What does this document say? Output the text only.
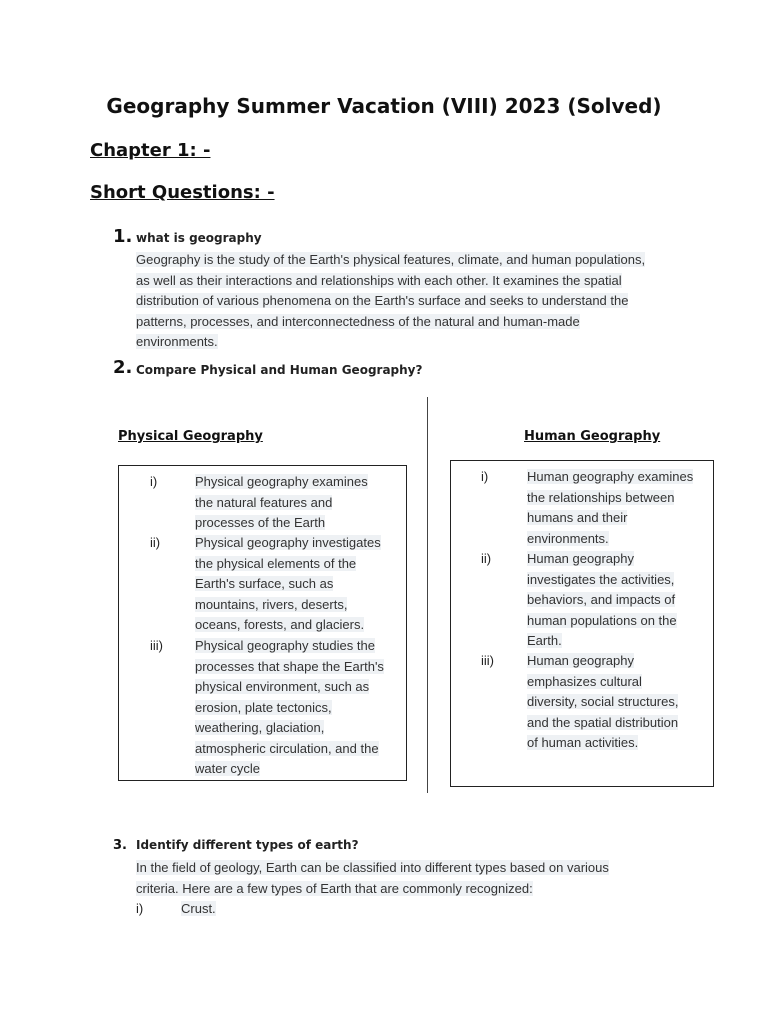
Geography Summer Vacation (VIII) 2023 (Solved)
Chapter 1: -
Short Questions: -
1. what is geography
Geography is the study of the Earth's physical features, climate, and human populations,
as well as their interactions and relationships with each other. It examines the spatial
distribution of various phenomena on the Earth's surface and seeks to understand the
patterns, processes, and interconnectedness of the natural and human-made
environments.
2. Compare Physical and Human Geography?
Physical Geography	Human Geography
i)	Physical geography examines
the natural features and
processes of the Earth
ii)	Physical geography investigates
the physical elements of the
Earth's surface, such as
mountains, rivers, deserts,
oceans, forests, and glaciers.
iii) Physical geography studies the
processes that shape the Earth's
physical environment, such as
erosion, plate tectonics,
weathering, glaciation,
atmospheric circulation, and the
water cycle
i)	Human geography examines
the relationships between
humans and their
environments.
ii)	Human geography
investigates the activities,
behaviors, and impacts of
human populations on the
Earth.
iii)	Human geography
emphasizes cultural
diversity, social structures,
and the spatial distribution
of human activities.
3. Identify different types of earth?
In the field of geology, Earth can be classified into different types based on various
criteria. Here are a few types of Earth that are commonly recognized:
i)	Crust.
